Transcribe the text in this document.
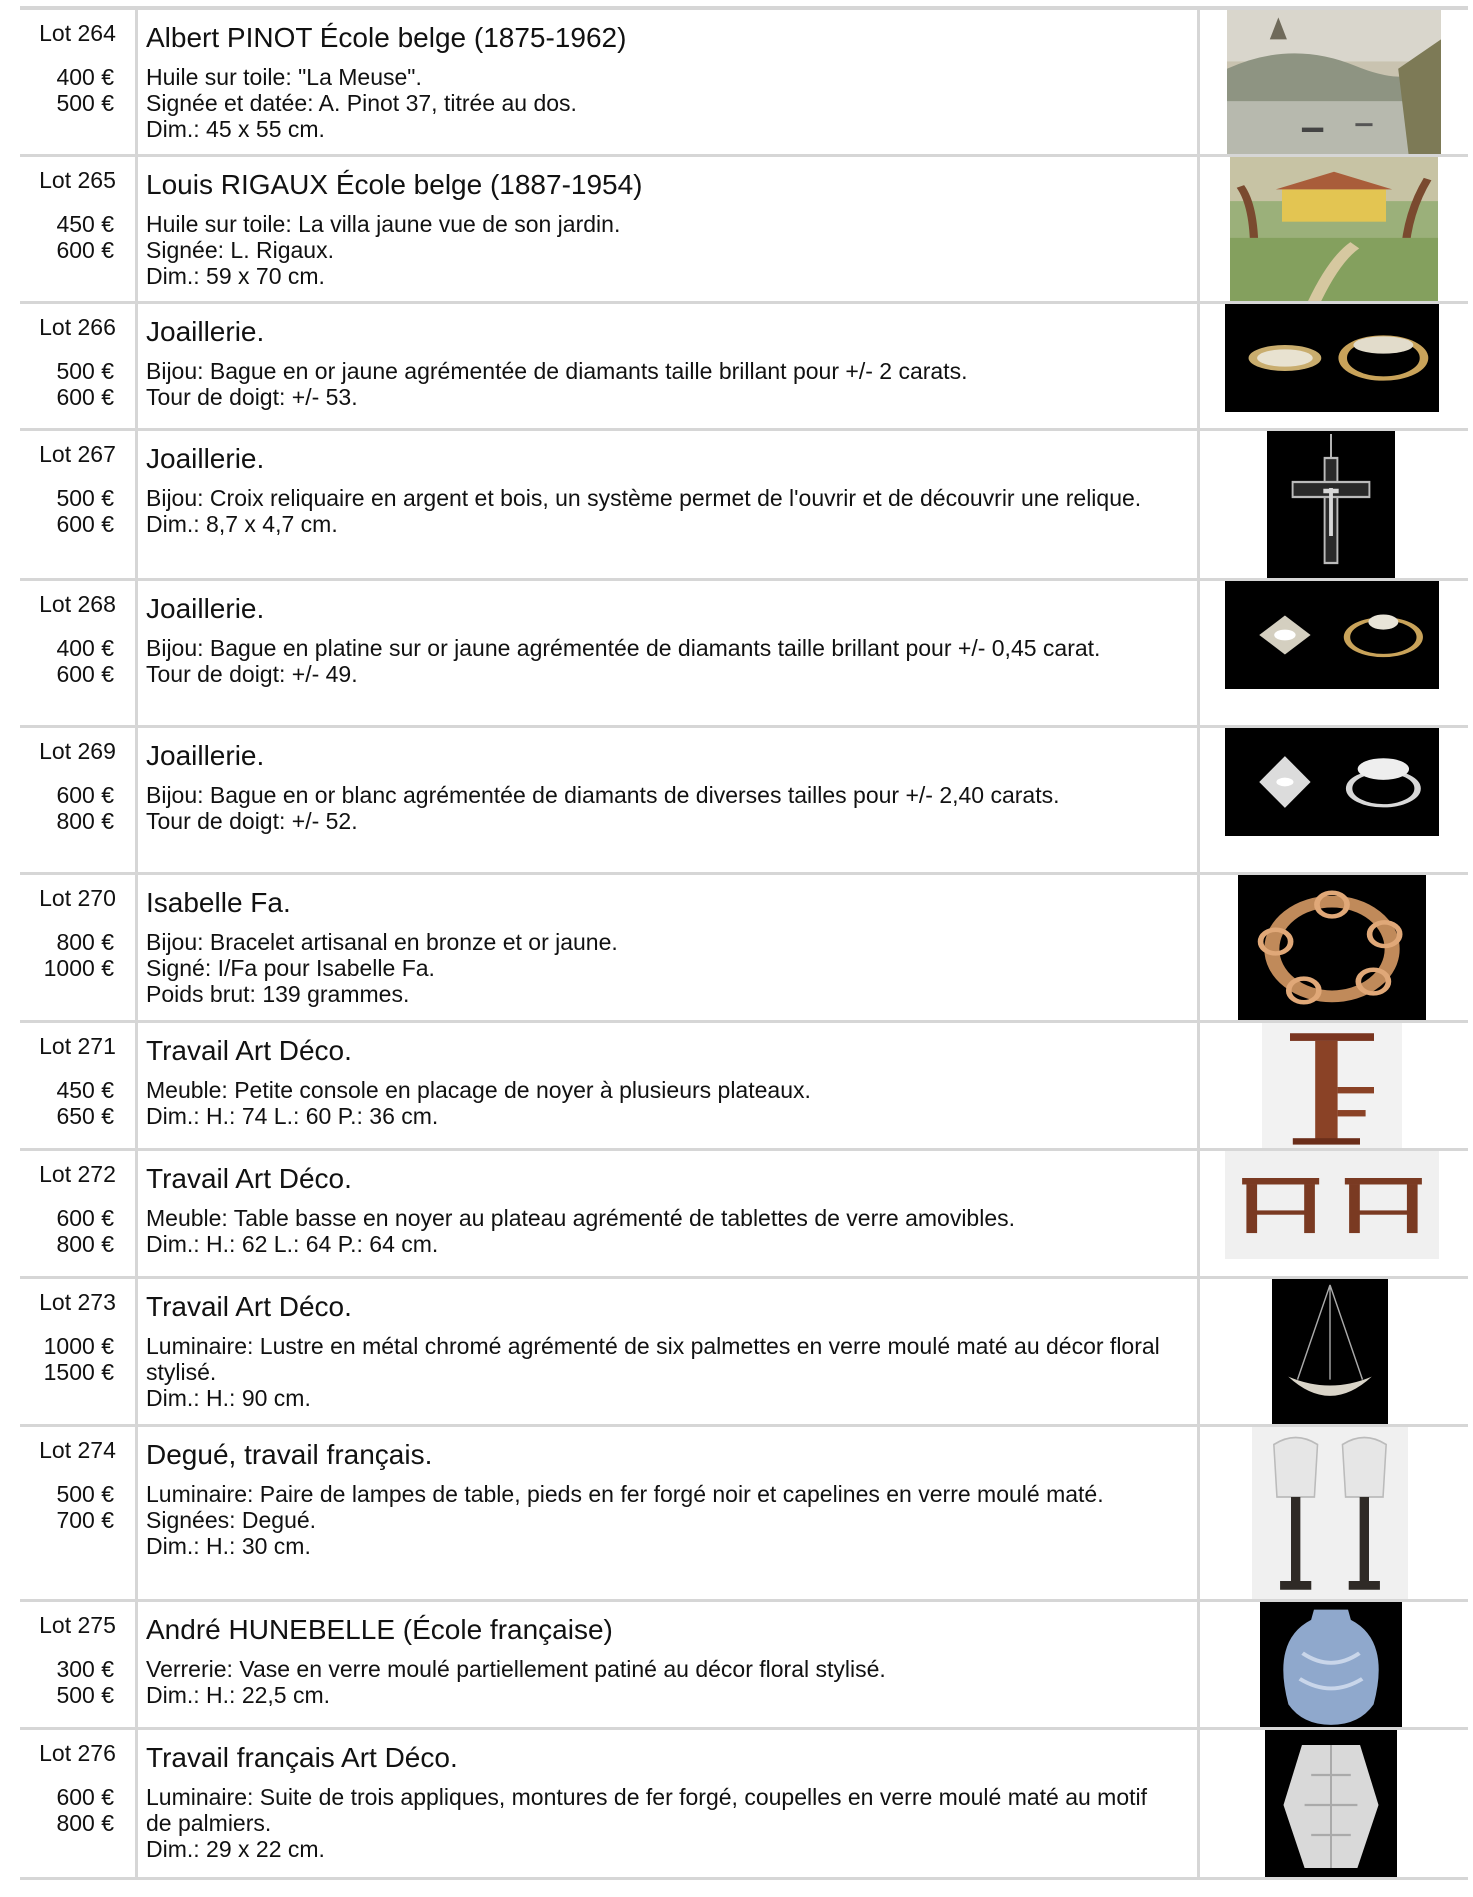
Lot 264
400 €
500 €
Albert PINOT École belge (1875-1962)
Huile sur toile: "La Meuse".
Signée et datée: A. Pinot 37, titrée au dos.
Dim.: 45 x 55 cm.
Lot 265
450 €
600 €
Louis RIGAUX École belge (1887-1954)
Huile sur toile: La villa jaune vue de son jardin.
Signée: L. Rigaux.
Dim.: 59 x 70 cm.
Lot 266
500 €
600 €
Joaillerie.
Bijou: Bague en or jaune agrémentée de diamants taille brillant pour +/- 2 carats.
Tour de doigt: +/- 53.
Lot 267
500 €
600 €
Joaillerie.
Bijou: Croix reliquaire en argent et bois, un système permet de l'ouvrir et de découvrir une relique.
Dim.: 8,7 x 4,7 cm.
Lot 268
400 €
600 €
Joaillerie.
Bijou: Bague en platine sur or jaune agrémentée de diamants taille brillant pour +/- 0,45 carat.
Tour de doigt: +/- 49.
Lot 269
600 €
800 €
Joaillerie.
Bijou: Bague en or blanc agrémentée de diamants de diverses tailles pour +/- 2,40 carats.
Tour de doigt: +/- 52.
Lot 270
800 €
1000 €
Isabelle Fa.
Bijou: Bracelet artisanal en bronze et or jaune.
Signé: I/Fa pour Isabelle Fa.
Poids brut: 139 grammes.
Lot 271
450 €
650 €
Travail Art Déco.
Meuble: Petite console en placage de noyer à plusieurs plateaux.
Dim.: H.: 74 L.: 60 P.: 36 cm.
Lot 272
600 €
800 €
Travail Art Déco.
Meuble: Table basse en noyer au plateau agrémenté de tablettes de verre amovibles.
Dim.: H.: 62 L.: 64 P.: 64 cm.
Lot 273
1000 €
1500 €
Travail Art Déco.
Luminaire: Lustre en métal chromé agrémenté de six palmettes en verre moulé maté au décor floral stylisé.
Dim.: H.: 90 cm.
Lot 274
500 €
700 €
Degué, travail français.
Luminaire: Paire de lampes de table, pieds en fer forgé noir et capelines en verre moulé maté.
Signées: Degué.
Dim.: H.: 30 cm.
Lot 275
300 €
500 €
André HUNEBELLE (École française)
Verrerie: Vase en verre moulé partiellement patiné au décor floral stylisé.
Dim.: H.: 22,5 cm.
Lot 276
600 €
800 €
Travail français Art Déco.
Luminaire: Suite de trois appliques, montures de fer forgé, coupelles en verre moulé maté au motif de palmiers.
Dim.: 29 x 22 cm.
